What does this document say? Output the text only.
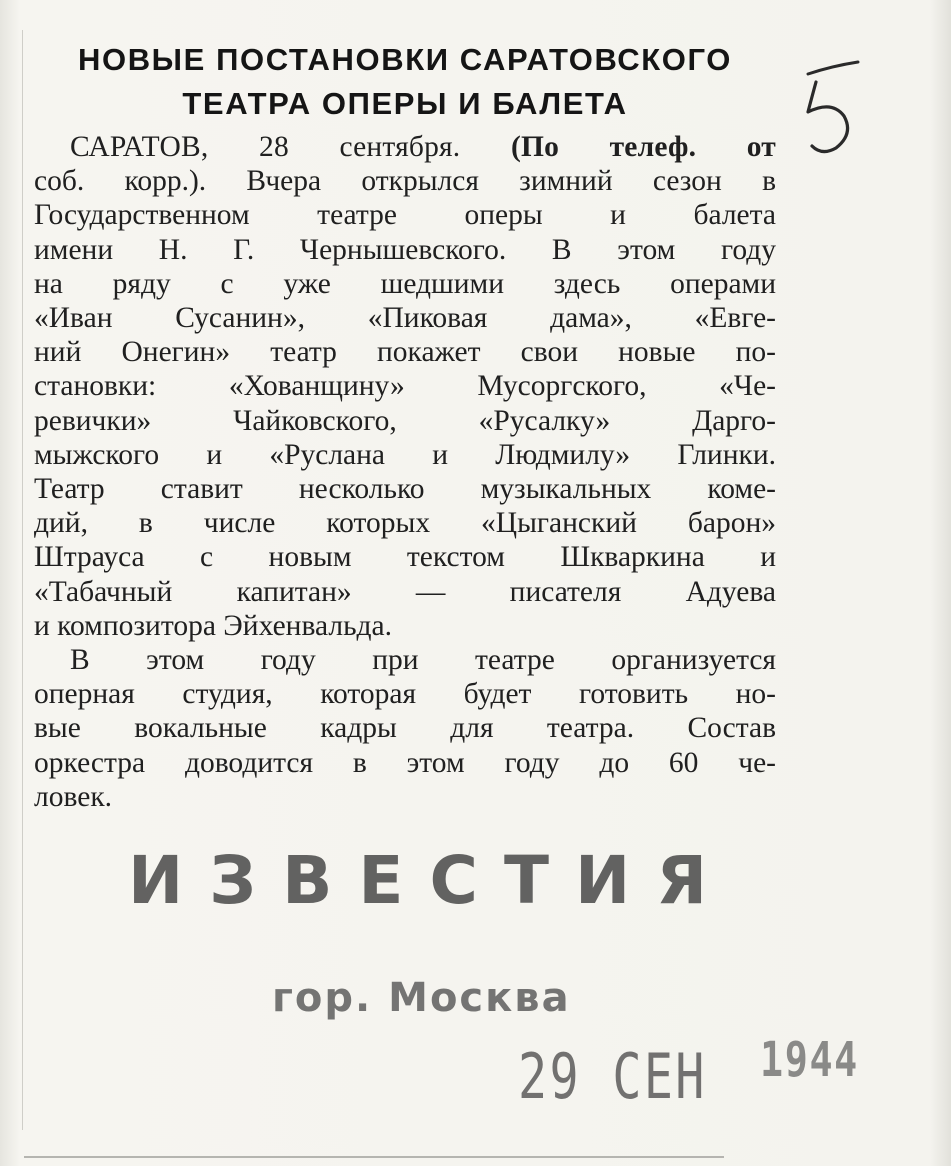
НОВЫЕ ПОСТАНОВКИ САРАТОВСКОГО
ТЕАТРА ОПЕРЫ И БАЛЕТА
САРАТОВ, 28 сентября. (По телеф. от
соб. корр.). Вчера открылся зимний сезон в
Государственном театре оперы и балета
имени Н. Г. Чернышевского. В этом году
на ряду с уже шедшими здесь операми
«Иван Сусанин», «Пиковая дама», «Евге-
ний Онегин» театр покажет свои новые по-
становки: «Хованщину» Мусоргского, «Че-
ревички» Чайковского, «Русалку» Дарго-
мыжского и «Руслана и Людмилу» Глинки.
Театр ставит несколько музыкальных коме-
дий, в числе которых «Цыганский барон»
Штрауса с новым текстом Шкваркина и
«Табачный капитан» — писателя Адуева
и композитора Эйхенвальда.
В этом году при театре организуется
оперная студия, которая будет готовить но-
вые вокальные кадры для театра. Состав
оркестра доводится в этом году до 60 че-
ловек.
ИЗВЕСТИЯ
гор. Москва
29 СЕН 1944
